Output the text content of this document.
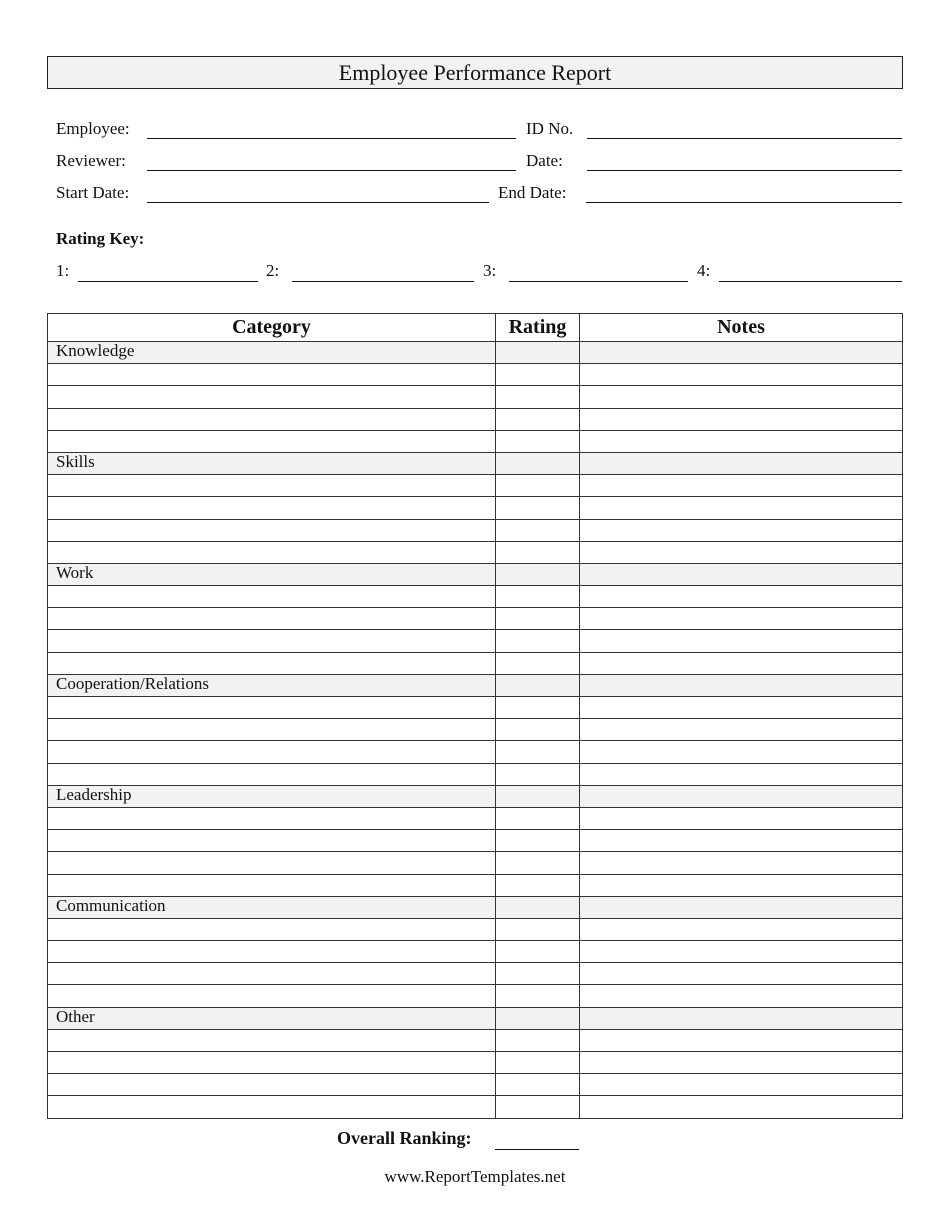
Employee Performance Report
Employee:	ID No.
Reviewer:	Date:
Start Date:	End Date:
Rating Key:
1:	2:	3:	4:
Category	Rating	Notes
Knowledge		

Skills		

Work		

Cooperation/Relations		

Leadership		

Communication		

Other		

Overall Ranking:
www.ReportTemplates.net
